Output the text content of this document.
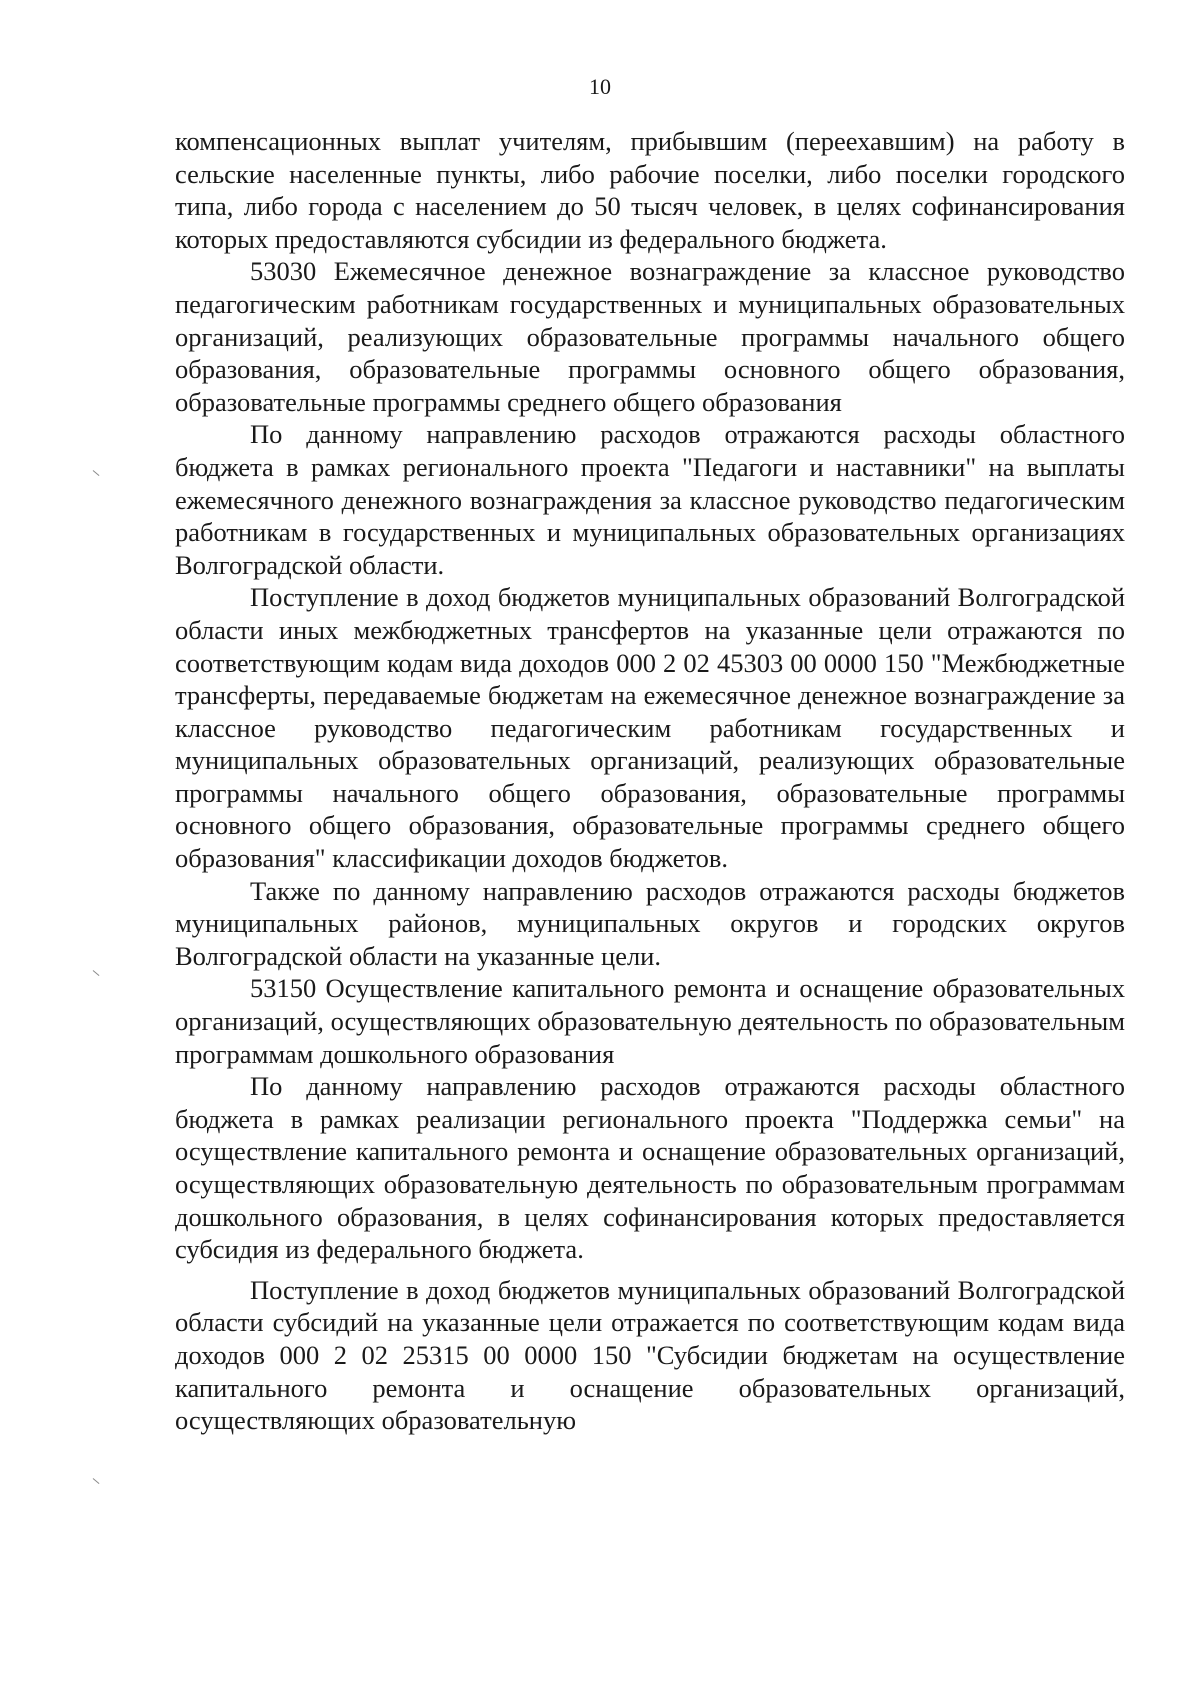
10

компенсационных выплат учителям, прибывшим (переехавшим) на работу в сельские населенные пункты, либо рабочие поселки, либо поселки городского типа, либо города с населением до 50 тысяч человек, в целях софинансирования которых предоставляются субсидии из федерального бюджета.

53030 Ежемесячное денежное вознаграждение за классное руководство педагогическим работникам государственных и муниципальных образовательных организаций, реализующих образовательные программы начального общего образования, образовательные программы основного общего образования, образовательные программы среднего общего образования

По данному направлению расходов отражаются расходы областного бюджета в рамках регионального проекта "Педагоги и наставники" на выплаты ежемесячного денежного вознаграждения за классное руководство педагогическим работникам в государственных и муниципальных образовательных организациях Волгоградской области.

Поступление в доход бюджетов муниципальных образований Волгоградской области иных межбюджетных трансфертов на указанные цели отражаются по соответствующим кодам вида доходов 000 2 02 45303 00 0000 150 "Межбюджетные трансферты, передаваемые бюджетам на ежемесячное денежное вознаграждение за классное руководство педагогическим работникам государственных и муниципальных образовательных организаций, реализующих образовательные программы начального общего образования, образовательные программы основного общего образования, образовательные программы среднего общего образования" классификации доходов бюджетов.

Также по данному направлению расходов отражаются расходы бюджетов муниципальных районов, муниципальных округов и городских округов Волгоградской области на указанные цели.

53150 Осуществление капитального ремонта и оснащение образовательных организаций, осуществляющих образовательную деятельность по образовательным программам дошкольного образования

По данному направлению расходов отражаются расходы областного бюджета в рамках реализации регионального проекта "Поддержка семьи" на осуществление капитального ремонта и оснащение образовательных организаций, осуществляющих образовательную деятельность по образовательным программам дошкольного образования, в целях софинансирования которых предоставляется субсидия из федерального бюджета.

Поступление в доход бюджетов муниципальных образований Волгоградской области субсидий на указанные цели отражается по соответствующим кодам вида доходов 000 2 02 25315 00 0000 150 "Субсидии бюджетам на осуществление капитального ремонта и оснащение образовательных организаций, осуществляющих образовательную
